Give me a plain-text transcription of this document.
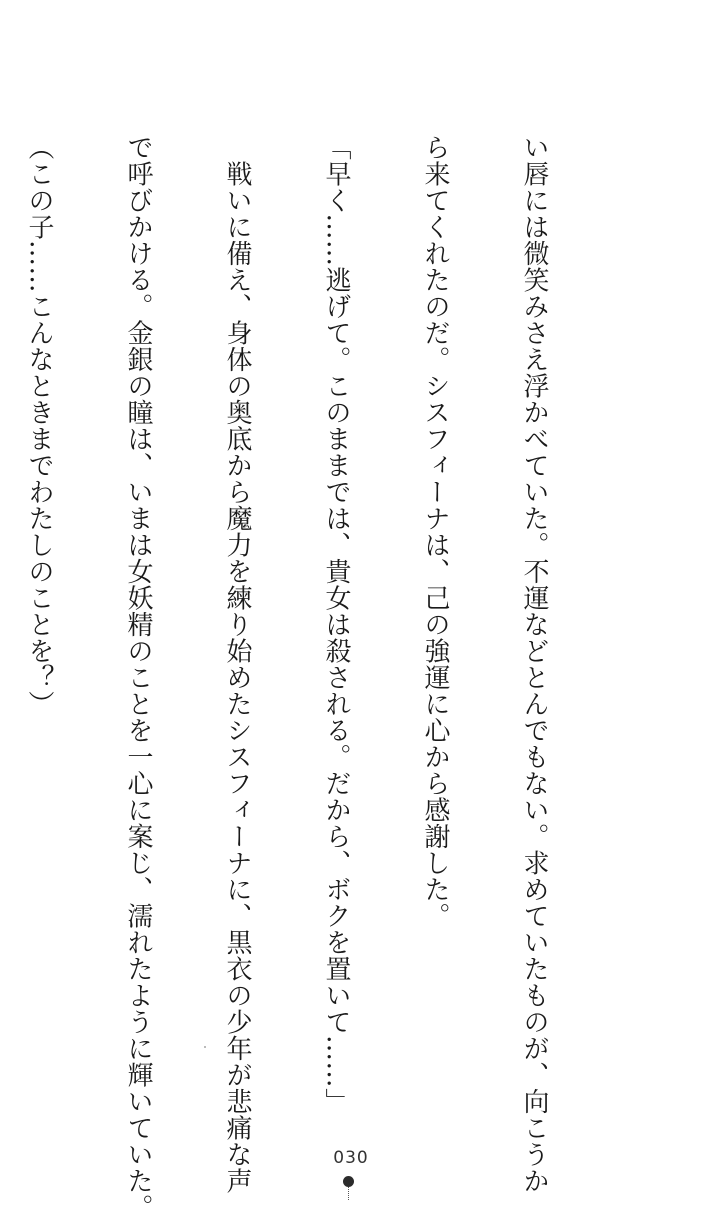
い唇には微笑みさえ浮かべていた。不運などとんでもない。求めていたものが、向こうか

ら来てくれたのだ。シスフィーナは、己の強運に心から感謝した。

「早く……逃げて。このままでは、貴女は殺される。だから、ボクを置いて……」

　戦いに備え、身体の奥底から魔力を練り始めたシスフィーナに、黒衣の少年が悲痛な声

で呼びかける。金銀の瞳は、いまは女妖精のことを一心に案じ、濡れたように輝いていた。

（この子……こんなときまでわたしのことを？）

030
